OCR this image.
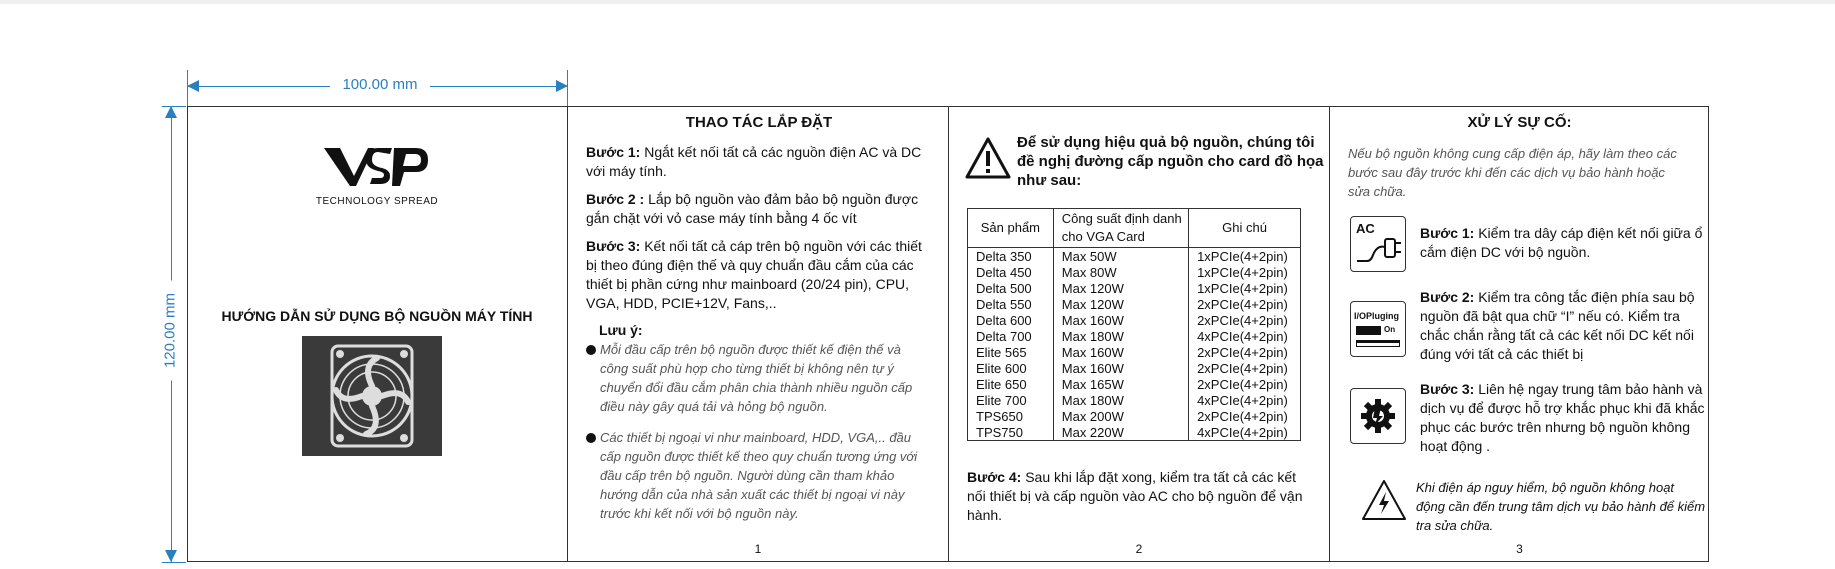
100.00 mm
120.00 mm
TECHNOLOGY SPREAD
HƯỚNG DẪN SỬ DỤNG BỘ NGUỒN MÁY TÍNH
THAO TÁC LẮP ĐẶT

Bước 1: Ngắt kết nối tất cả các nguồn điện AC và DC với máy tính.

Bước 2 : Lắp bộ nguồn vào đảm bảo bộ nguồn được gắn chặt với vỏ case máy tính bằng 4 ốc vít

Bước 3: Kết nối tất cả cáp trên bộ nguồn với các thiết bị theo đúng điện thế và quy chuẩn đầu cắm của các thiết bị phần cứng như mainboard (20/24 pin), CPU, VGA, HDD, PCIE+12V, Fans,..

Lưu ý:
Mỗi đầu cấp trên bộ nguồn được thiết kế điện thế và công suất phù hợp cho từng thiết bị không nên tự ý chuyển đổi đầu cắm phân chia thành nhiều nguồn cấp điều này gây quá tải và hỏng bộ nguồn.
Các thiết bị ngoại vi như mainboard, HDD, VGA,.. đầu cấp nguồn được thiết kế theo quy chuẩn tương ứng với đầu cấp trên bộ nguồn. Người dùng cần tham khảo hướng dẫn của nhà sản xuất các thiết bị ngoại vi này trước khi kết nối với bộ nguồn này.
1
Để sử dụng hiệu quả bộ nguồn, chúng tôi đề nghị đường cấp nguồn cho card đồ họa như sau:
Sản phẩm	Công suất định danh cho VGA Card	Ghi chú
Delta 350	Max 50W	1xPCIe(4+2pin)
Delta 450	Max 80W	1xPCIe(4+2pin)
Delta 500	Max 120W	1xPCIe(4+2pin)
Delta 550	Max 120W	2xPCIe(4+2pin)
Delta 600	Max 160W	2xPCIe(4+2pin)
Delta 700	Max 180W	4xPCIe(4+2pin)
Elite 565	Max 160W	2xPCIe(4+2pin)
Elite 600	Max 160W	2xPCIe(4+2pin)
Elite 650	Max 165W	2xPCIe(4+2pin)
Elite 700	Max 180W	4xPCIe(4+2pin)
TPS650	Max 200W	2xPCIe(4+2pin)
TPS750	Max 220W	4xPCIe(4+2pin)
Bước 4: Sau khi lắp đặt xong, kiểm tra tất cả các kết nối thiết bị và cấp nguồn vào AC cho bộ nguồn để vận hành.
2
XỬ LÝ SỰ CỐ:
Nếu bộ nguồn không cung cấp điện áp, hãy làm theo các bước sau đây trước khi đến các dịch vụ bảo hành hoặc sửa chữa.
AC	Bước 1: Kiểm tra dây cáp điện kết nối giữa ổ cắm điện DC với bộ nguồn.
I/OPluging
On
Bước 2: Kiểm tra công tắc điện phía sau bộ nguồn đã bật qua chữ “I” nếu có. Kiểm tra chắc chắn rằng tất cả các kết nối DC kết nối đúng với tất cả các thiết bị
Bước 3: Liên hệ ngay trung tâm bảo hành và dịch vụ để được hỗ trợ khắc phục khi đã khắc phục các bước trên nhưng bộ nguồn không hoạt động .
Khi điện áp nguy hiểm, bộ nguồn không hoạt động cần đến trung tâm dịch vụ bảo hành để kiểm tra sửa chữa.
3
